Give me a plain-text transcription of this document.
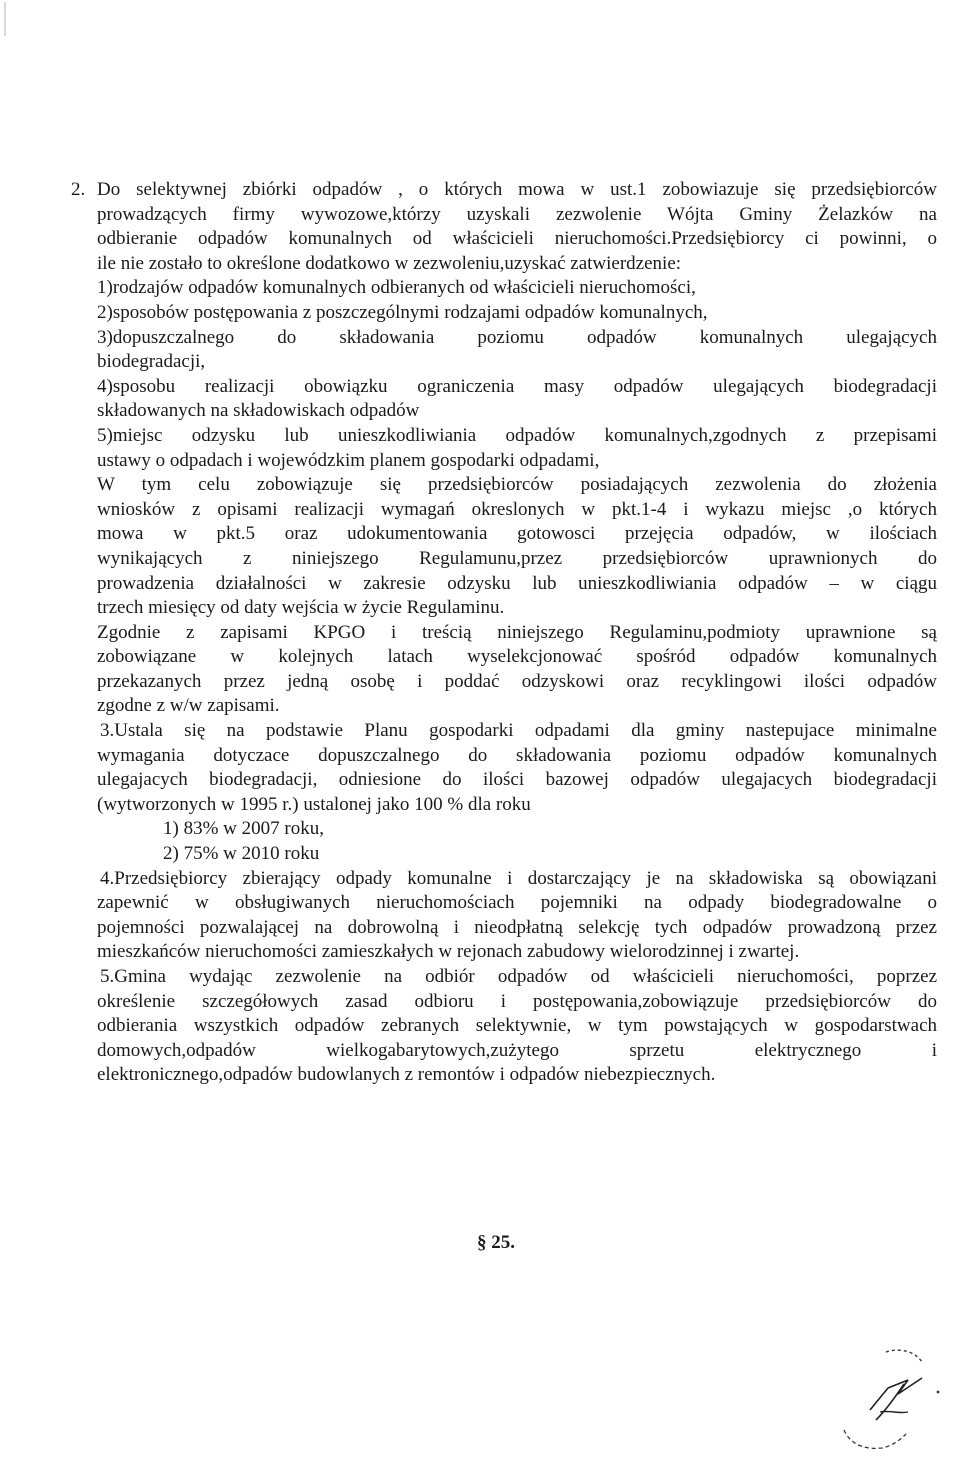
2. Do selektywnej zbiórki odpadów , o których mowa w ust.1 zobowiazuje się przedsiębiorców

prowadzących firmy wywozowe,którzy uzyskali zezwolenie Wójta Gminy Żelazków na

odbieranie odpadów komunalnych od właścicieli nieruchomości.Przedsiębiorcy ci powinni, o

ile nie zostało to określone dodatkowo w zezwoleniu,uzyskać zatwierdzenie:

1)rodzajów odpadów komunalnych odbieranych od właścicieli nieruchomości,

2)sposobów postępowania z poszczególnymi rodzajami odpadów komunalnych,

3)dopuszczalnego do składowania poziomu odpadów komunalnych ulegających

biodegradacji,

4)sposobu realizacji obowiązku ograniczenia masy odpadów ulegających biodegradacji

składowanych na składowiskach odpadów

5)miejsc odzysku lub unieszkodliwiania odpadów komunalnych,zgodnych z przepisami

ustawy o odpadach i wojewódzkim planem gospodarki odpadami,

W tym celu zobowiązuje się przedsiębiorców posiadających zezwolenia do złożenia

wniosków z opisami realizacji wymagań okreslonych w pkt.1-4 i wykazu miejsc ,o których

mowa w pkt.5 oraz udokumentowania gotowosci przejęcia odpadów, w ilościach

wynikających z niniejszego Regulamunu,przez przedsiębiorców uprawnionych do

prowadzenia działalności w zakresie odzysku lub unieszkodliwiania odpadów – w ciągu

trzech miesięcy od daty wejścia w życie Regulaminu.

Zgodnie z zapisami KPGO i treścią niniejszego Regulaminu,podmioty uprawnione są

zobowiązane w kolejnych latach wyselekcjonować spośród odpadów komunalnych

przekazanych przez jedną osobę i poddać odzyskowi oraz recyklingowi ilości odpadów

zgodne z w/w zapisami.

3.Ustala się na podstawie Planu gospodarki odpadami dla gminy nastepujace minimalne

wymagania dotyczace dopuszczalnego do składowania poziomu odpadów komunalnych

ulegajacych biodegradacji, odniesione do ilości bazowej odpadów ulegajacych biodegradacji

(wytworzonych w 1995 r.) ustalonej jako 100 % dla roku

1) 83% w 2007 roku,

2) 75% w 2010 roku

4.Przedsiębiorcy zbierający odpady komunalne i dostarczający je na składowiska są obowiązani

zapewnić w obsługiwanych nieruchomościach pojemniki na odpady biodegradowalne o

pojemności pozwalającej na dobrowolną i nieodpłatną selekcję tych odpadów prowadzoną przez

mieszkańców nieruchomości zamieszkałych w rejonach zabudowy wielorodzinnej i zwartej.

5.Gmina wydając zezwolenie na odbiór odpadów od właścicieli nieruchomości, poprzez

określenie szczegółowych zasad odbioru i postępowania,zobowiązuje przedsiębiorców do

odbierania wszystkich odpadów zebranych selektywnie, w tym powstających w gospodarstwach

domowych,odpadów wielkogabarytowych,zużytego sprzetu elektrycznego i

elektronicznego,odpadów budowlanych z remontów i odpadów niebezpiecznych.

§ 25.
